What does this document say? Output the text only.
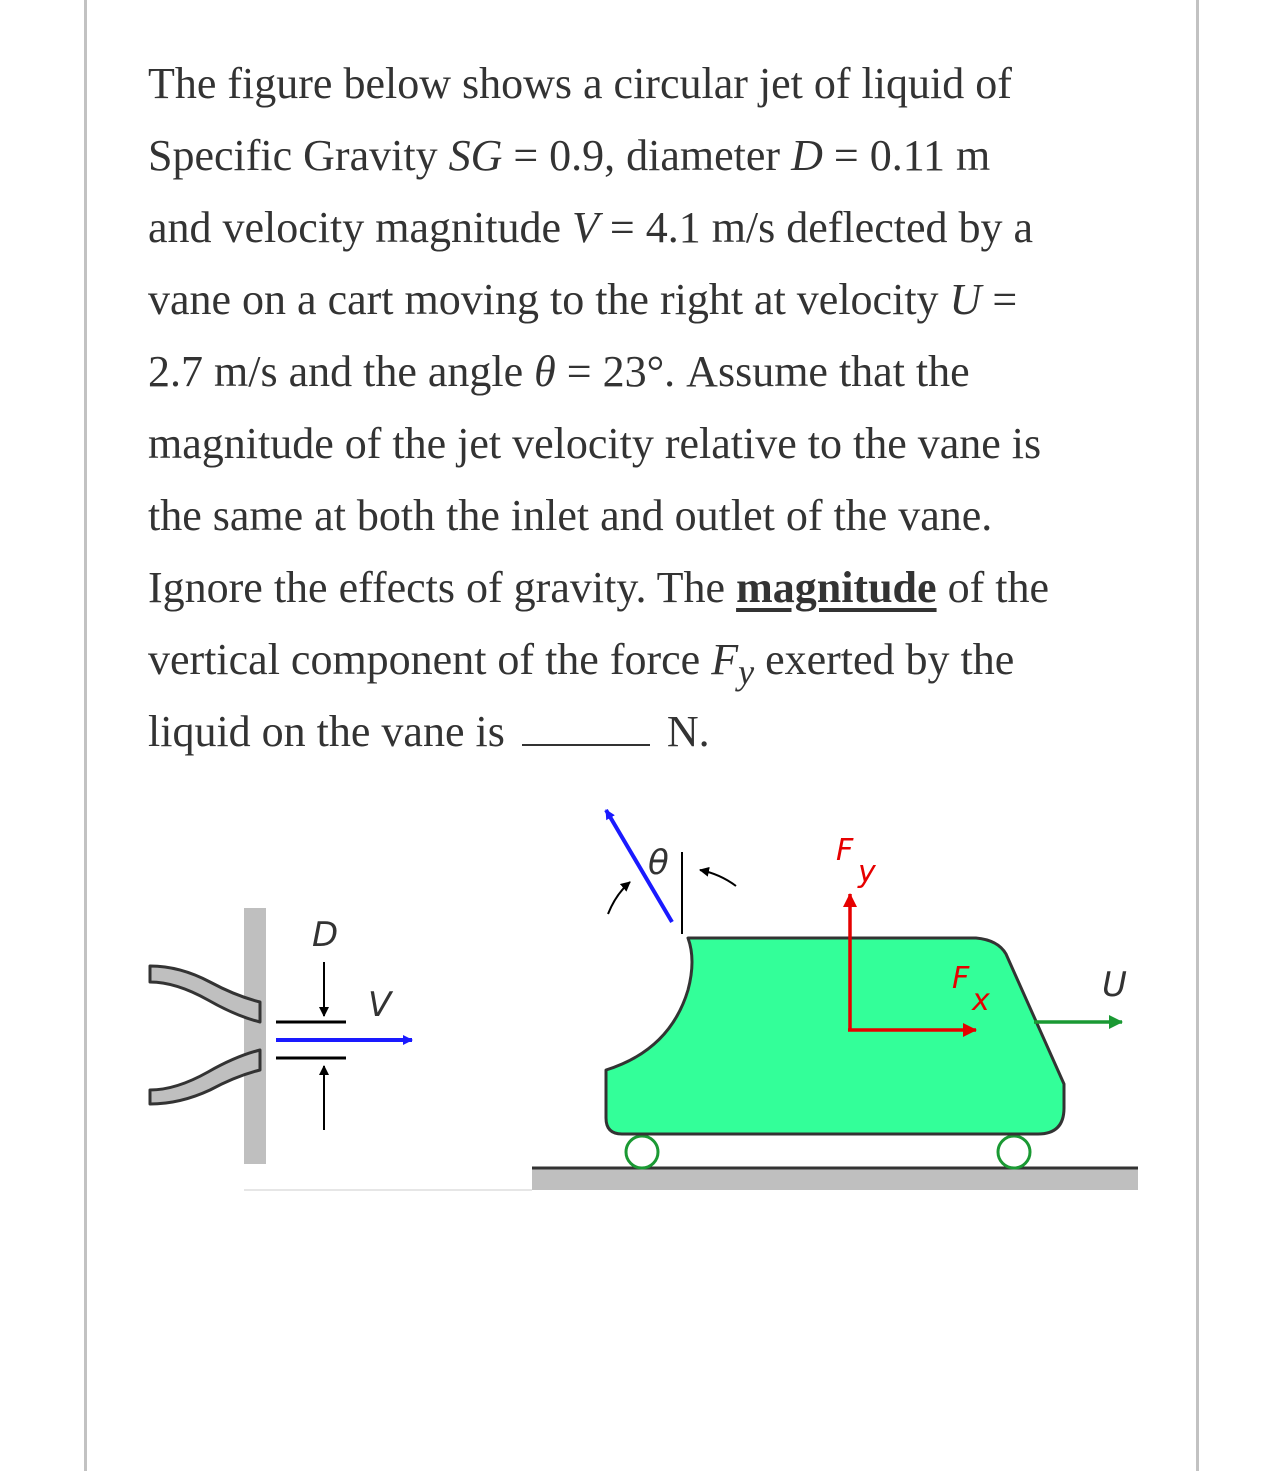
The figure below shows a circular jet of liquid of
Specific Gravity SG = 0.9, diameter D = 0.11 m
and velocity magnitude V = 4.1 m/s deflected by a
vane on a cart moving to the right at velocity U =
2.7 m/s and the angle θ = 23°. Assume that the
magnitude of the jet velocity relative to the vane is
the same at both the inlet and outlet of the vane.
Ignore the effects of gravity. The magnitude of the
vertical component of the force $F_y$ exerted by the
liquid on the vane is	N.
D
V
θ	F
y
F
x	U
